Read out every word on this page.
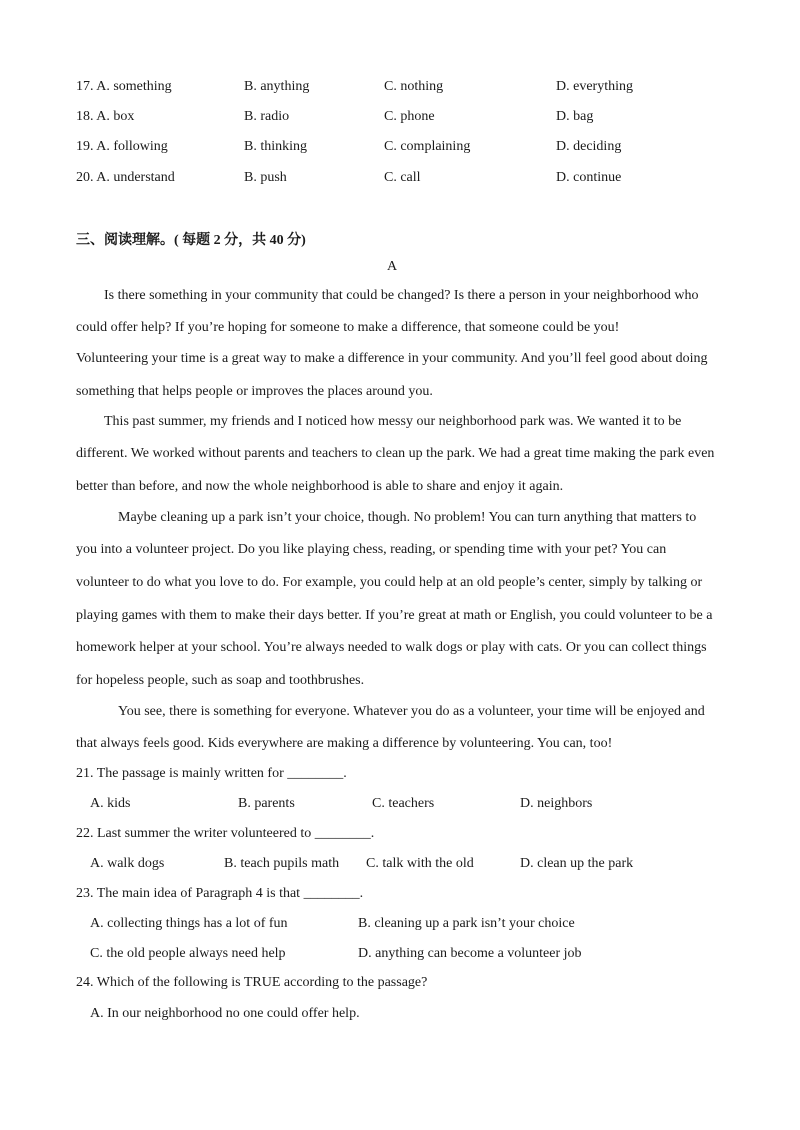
17. A. something	B. anything	C. nothing	D. everything
18. A. box	B. radio	C. phone	D. bag
19. A. following	B. thinking	C. complaining	D. deciding
20. A. understand	B. push	C. call	D. continue
三、阅读理解。( 每题 2 分，共 40 分)
A
Is there something in your community that could be changed? Is there a person in your neighborhood who
could offer help? If you’re hoping for someone to make a difference, that someone could be you!
Volunteering your time is a great way to make a difference in your community. And you’ll feel good about doing
something that helps people or improves the places around you.
This past summer, my friends and I noticed how messy our neighborhood park was. We wanted it to be
different. We worked without parents and teachers to clean up the park. We had a great time making the park even
better than before, and now the whole neighborhood is able to share and enjoy it again.
Maybe cleaning up a park isn’t your choice, though. No problem! You can turn anything that matters to
you into a volunteer project. Do you like playing chess, reading, or spending time with your pet? You can
volunteer to do what you love to do. For example, you could help at an old people’s center, simply by talking or
playing games with them to make their days better. If you’re great at math or English, you could volunteer to be a
homework helper at your school. You’re always needed to walk dogs or play with cats. Or you can collect things
for hopeless people, such as soap and toothbrushes.
You see, there is something for everyone. Whatever you do as a volunteer, your time will be enjoyed and
that always feels good. Kids everywhere are making a difference by volunteering. You can, too!
21. The passage is mainly written for ________.
A. kids	B. parents	C. teachers	D. neighbors
22. Last summer the writer volunteered to ________.
A. walk dogs	B. teach pupils math C. talk with the old	D. clean up the park
23. The main idea of Paragraph 4 is that ________.
A. collecting things has a lot of fun	B. cleaning up a park isn’t your choice
C. the old people always need help	D. anything can become a volunteer job
24. Which of the following is TRUE according to the passage?
A. In our neighborhood no one could offer help.
